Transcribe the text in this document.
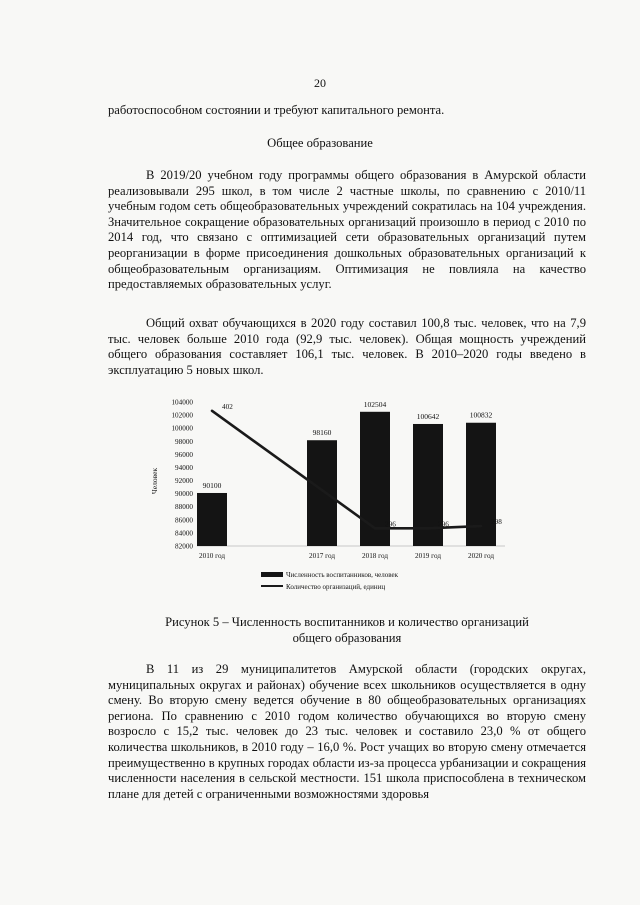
20

работоспособном состоянии и требуют капитального ремонта.

Общее образование

В 2019/20 учебном году программы общего образования в Амурской области реализовывали 295 школ, в том числе 2 частные школы, по сравнению с 2010/11 учебным годом сеть общеобразовательных учреждений сократилась на 104 учреждения. Значительное сокращение образовательных организаций произошло в период с 2010 по 2014 год, что связано с оптимизацией сети образовательных организаций путем реорганизации в форме присоединения дошкольных образовательных организаций к общеобразовательным организациям. Оптимизация не повлияла на качество предоставляемых образовательных услуг.

Общий охват обучающихся в 2020 году составил 100,8 тыс. человек, что на 7,9 тыс. человек больше 2010 года (92,9 тыс. человек). Общая мощность учреждений общего образования составляет 106,1 тыс. человек. В 2010–2020 годы введено в эксплуатацию 5 новых школ.

82000
84000
86000
88000
90000
92000
94000
96000
98000
100000
102000
104000
Человек	90100
98160
102504
100642	100832
402
296	296	298
2010 год	2017 год	2018 год	2019 год	2020 год
Численность воспитанников, человек
Количество организаций, единиц

Рисунок 5 – Численность воспитанников и количество организаций

общего образования

В 11 из 29 муниципалитетов Амурской области (городских округах, муниципальных округах и районах) обучение всех школьников осуществляется в одну смену. Во вторую смену ведется обучение в 80 общеобразовательных организациях региона. По сравнению с 2010 годом количество обучающихся во вторую смену возросло с 15,2 тыс. человек до 23 тыс. человек и составило 23,0 % от общего количества школьников, в 2010 году – 16,0 %. Рост учащих во вторую смену отмечается преимущественно в крупных городах области из-за процесса урбанизации и сокращения численности населения в сельской местности. 151 школа приспособлена в техническом плане для детей с ограниченными возможностями здоровья
